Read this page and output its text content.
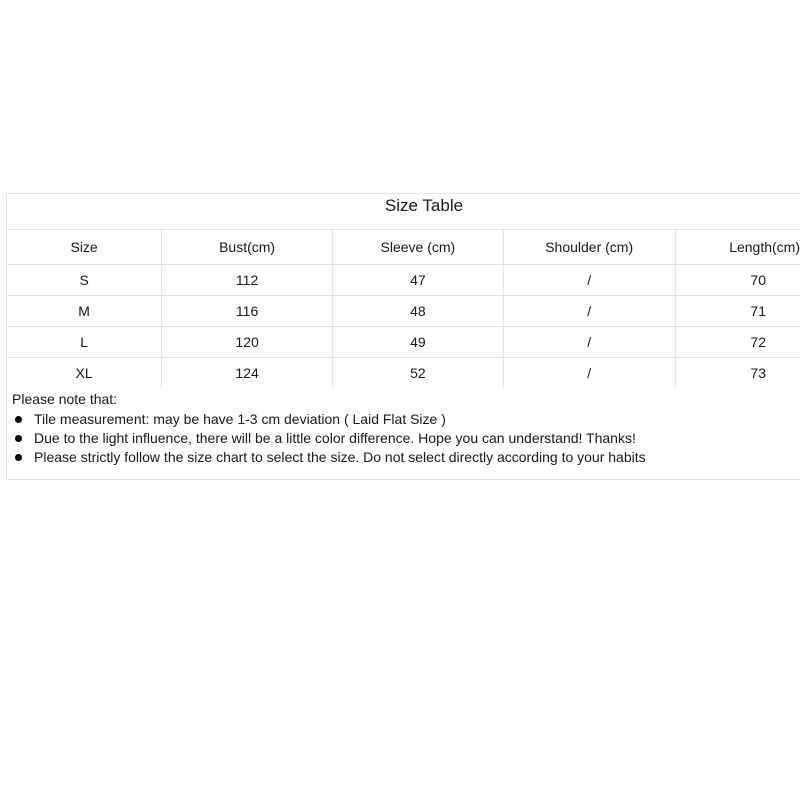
Size Table
Size	Bust(cm)	Sleeve (cm)	Shoulder (cm)	Length(cm)
S	112	47	/	70
M	116	48	/	71
L	120	49	/	72
XL	124	52	/	73
Please note that:
Tile measurement: may be have 1-3 cm deviation ( Laid Flat Size )
Due to the light influence, there will be a little color difference. Hope you can understand! Thanks!
Please strictly follow the size chart to select the size. Do not select directly according to your habits
